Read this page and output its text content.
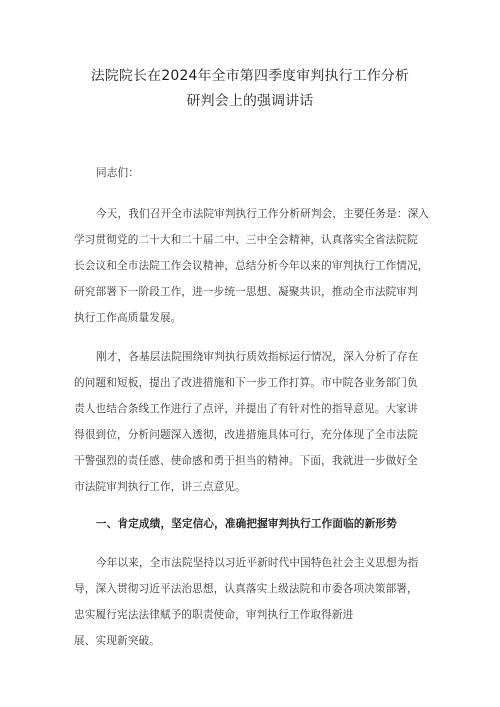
法院院长在2024年全市第四季度审判执行工作分析
研判会上的强调讲话
同志们：
今天，我们召开全市法院审判执行工作分析研判会，主要任务是：深入
学习贯彻党的二十大和二十届二中、三中全会精神，认真落实全省法院院
长会议和全市法院工作会议精神，总结分析今年以来的审判执行工作情况，
研究部署下一阶段工作，进一步统一思想、凝聚共识，推动全市法院审判
执行工作高质量发展。
刚才，各基层法院围绕审判执行质效指标运行情况，深入分析了存在
的问题和短板，提出了改进措施和下一步工作打算。市中院各业务部门负
责人也结合条线工作进行了点评，并提出了有针对性的指导意见。大家讲
得很到位，分析问题深入透彻，改进措施具体可行，充分体现了全市法院
干警强烈的责任感、使命感和勇于担当的精神。下面，我就进一步做好全
市法院审判执行工作，讲三点意见。
一、肯定成绩，坚定信心，准确把握审判执行工作面临的新形势
今年以来，全市法院坚持以习近平新时代中国特色社会主义思想为指
导，深入贯彻习近平法治思想，认真落实上级法院和市委各项决策部署，
忠实履行宪法法律赋予的职责使命，审判执行工作取得新进
展、实现新突破。
